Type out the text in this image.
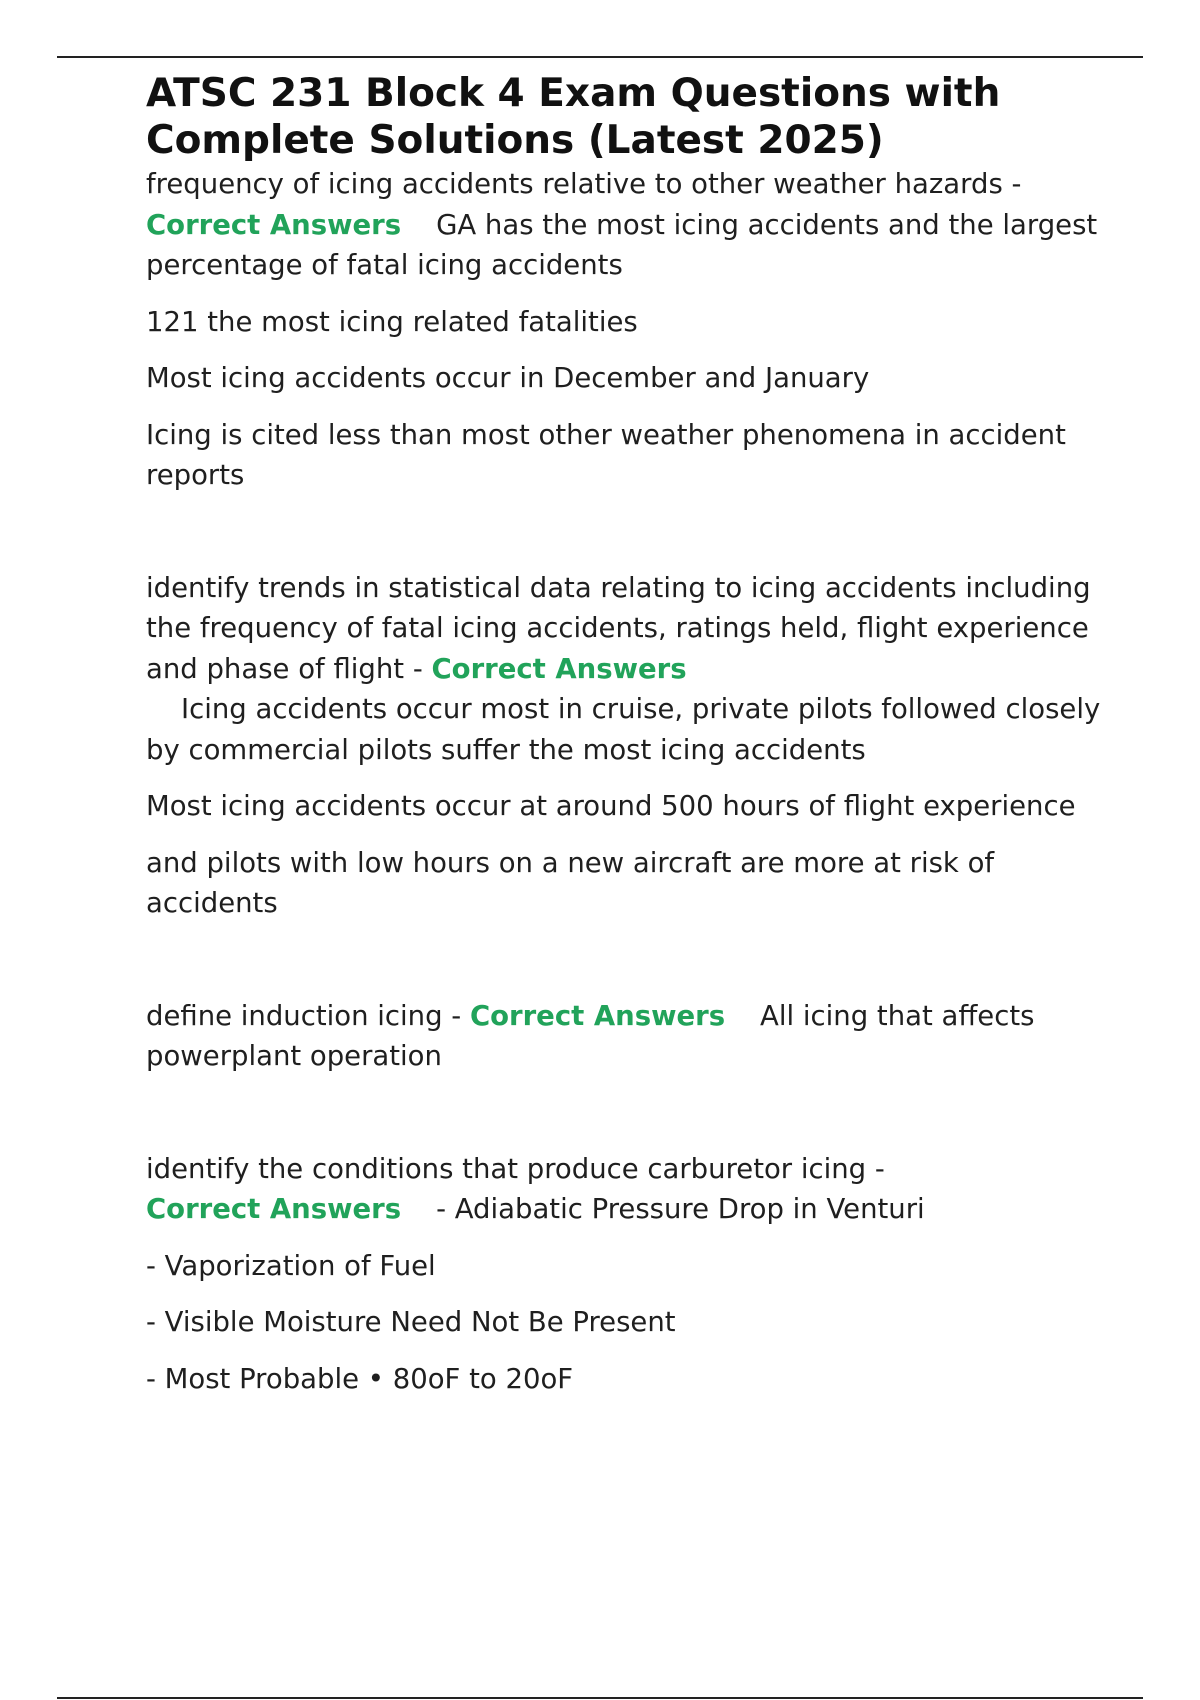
ATSC 231 Block 4 Exam Questions with Complete Solutions (Latest 2025)

frequency of icing accidents relative to other weather hazards - Correct Answers GA has the most icing accidents and the largest percentage of fatal icing accidents

121 the most icing related fatalities

Most icing accidents occur in December and January

Icing is cited less than most other weather phenomena in accident reports

identify trends in statistical data relating to icing accidents including the frequency of fatal icing accidents, ratings held, flight experience and phase of flight - Correct Answers
Icing accidents occur most in cruise, private pilots followed closely by commercial pilots suffer the most icing accidents

Most icing accidents occur at around 500 hours of flight experience

and pilots with low hours on a new aircraft are more at risk of accidents

define induction icing - Correct Answers All icing that affects powerplant operation

identify the conditions that produce carburetor icing -
Correct Answers - Adiabatic Pressure Drop in Venturi

- Vaporization of Fuel

- Visible Moisture Need Not Be Present

- Most Probable • 80oF to 20oF
